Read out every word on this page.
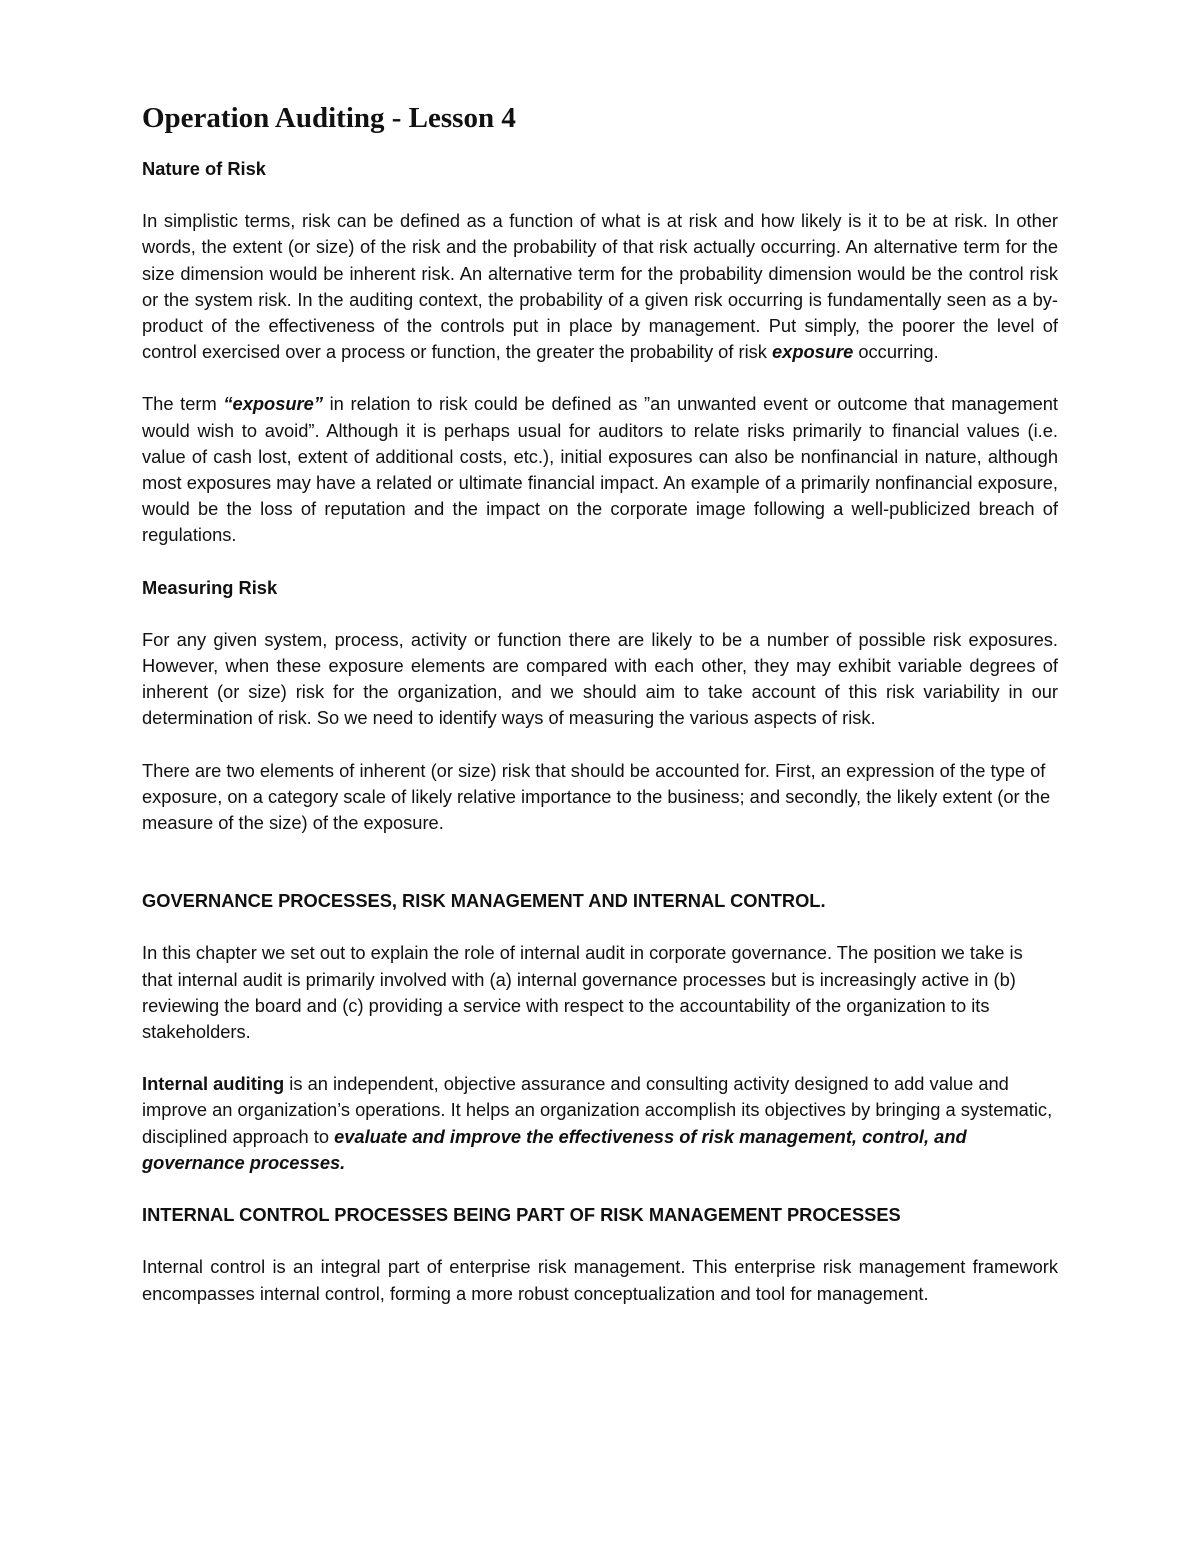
Operation Auditing - Lesson 4
Nature of Risk

In simplistic terms, risk can be defined as a function of what is at risk and how likely is it to be at risk. In other words, the extent (or size) of the risk and the probability of that risk actually occurring. An alternative term for the size dimension would be inherent risk. An alternative term for the probability dimension would be the control risk or the system risk. In the auditing context, the probability of a given risk occurring is fundamentally seen as a by-product of the effectiveness of the controls put in place by management. Put simply, the poorer the level of control exercised over a process or function, the greater the probability of risk exposure occurring.

The term “exposure” in relation to risk could be defined as ”an unwanted event or outcome that management would wish to avoid”. Although it is perhaps usual for auditors to relate risks primarily to financial values (i.e. value of cash lost, extent of additional costs, etc.), initial exposures can also be nonfinancial in nature, although most exposures may have a related or ultimate financial impact. An example of a primarily nonfinancial exposure, would be the loss of reputation and the impact on the corporate image following a well-publicized breach of regulations.

Measuring Risk

For any given system, process, activity or function there are likely to be a number of possible risk exposures. However, when these exposure elements are compared with each other, they may exhibit variable degrees of inherent (or size) risk for the organization, and we should aim to take account of this risk variability in our determination of risk. So we need to identify ways of measuring the various aspects of risk.

There are two elements of inherent (or size) risk that should be accounted for. First, an expression of the type of exposure, on a category scale of likely relative importance to the business; and secondly, the likely extent (or the measure of the size) of the exposure.

GOVERNANCE PROCESSES, RISK MANAGEMENT AND INTERNAL CONTROL.

In this chapter we set out to explain the role of internal audit in corporate governance. The position we take is that internal audit is primarily involved with (a) internal governance processes but is increasingly active in (b) reviewing the board and (c) providing a service with respect to the accountability of the organization to its stakeholders.

Internal auditing is an independent, objective assurance and consulting activity designed to add value and improve an organization’s operations. It helps an organization accomplish its objectives by bringing a systematic, disciplined approach to evaluate and improve the effectiveness of risk management, control, and governance processes.

INTERNAL CONTROL PROCESSES BEING PART OF RISK MANAGEMENT PROCESSES

Internal control is an integral part of enterprise risk management. This enterprise risk management framework encompasses internal control, forming a more robust conceptualization and tool for management.
